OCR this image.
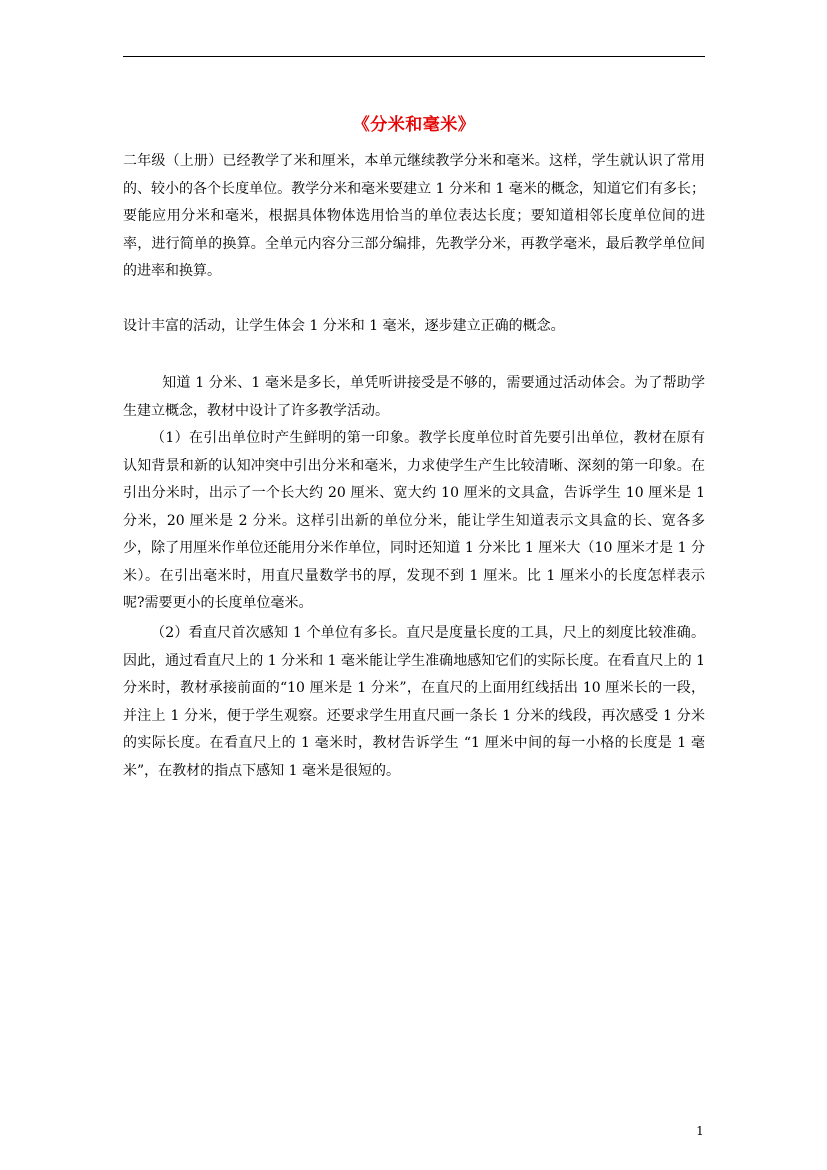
《分米和毫米》

二年级（上册）已经教学了米和厘米，本单元继续教学分米和毫米。这样，学生就认识了常用的、较小的各个长度单位。教学分米和毫米要建立 1 分米和 1 毫米的概念，知道它们有多长；要能应用分米和毫米，根据具体物体选用恰当的单位表达长度；要知道相邻长度单位间的进率，进行简单的换算。全单元内容分三部分编排，先教学分米，再教学毫米，最后教学单位间的进率和换算。

设计丰富的活动，让学生体会 1 分米和 1 毫米，逐步建立正确的概念。

知道 1 分米、1 毫米是多长，单凭听讲接受是不够的，需要通过活动体会。为了帮助学生建立概念，教材中设计了许多教学活动。

（1）在引出单位时产生鲜明的第一印象。教学长度单位时首先要引出单位，教材在原有认知背景和新的认知冲突中引出分米和毫米，力求使学生产生比较清晰、深刻的第一印象。在引出分米时，出示了一个长大约 20 厘米、宽大约 10 厘米的文具盒，告诉学生 10 厘米是 1 分米，20 厘米是 2 分米。这样引出新的单位分米，能让学生知道表示文具盒的长、宽各多少，除了用厘米作单位还能用分米作单位，同时还知道 1 分米比 1 厘米大（10 厘米才是 1 分米）。在引出毫米时，用直尺量数学书的厚，发现不到 1 厘米。比 1 厘米小的长度怎样表示呢?需要更小的长度单位毫米。

（2）看直尺首次感知 1 个单位有多长。直尺是度量长度的工具，尺上的刻度比较准确。因此，通过看直尺上的 1 分米和 1 毫米能让学生准确地感知它们的实际长度。在看直尺上的 1 分米时，教材承接前面的“10 厘米是 1 分米”，在直尺的上面用红线括出 10 厘米长的一段，并注上 1 分米，便于学生观察。还要求学生用直尺画一条长 1 分米的线段，再次感受 1 分米的实际长度。在看直尺上的 1 毫米时，教材告诉学生 “1 厘米中间的每一小格的长度是 1 毫米”，在教材的指点下感知 1 毫米是很短的。

1
